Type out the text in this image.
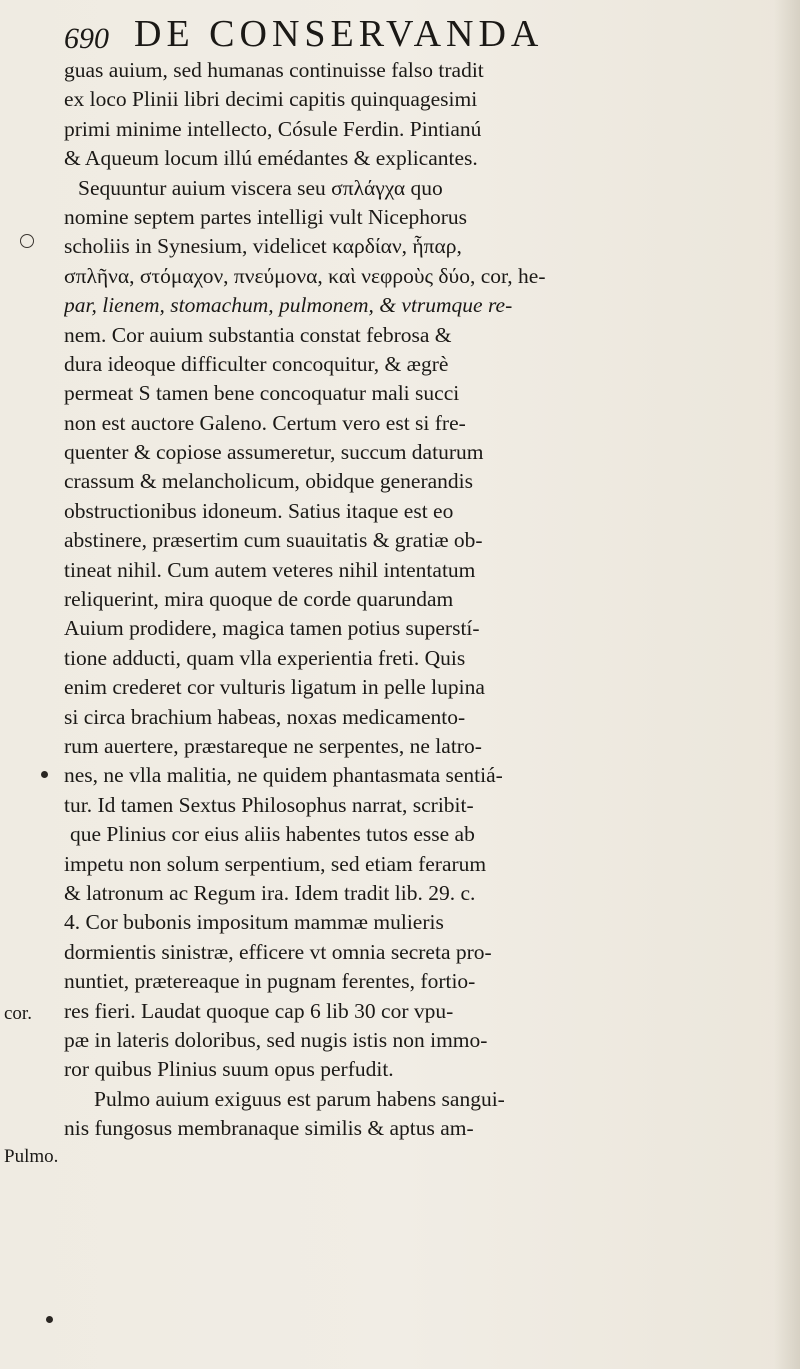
690 DE CONSERVANDA
guas auium, sed humanas continuisse falso tradit
ex loco Plinii libri decimi capitis quinquagesimi
primi minime intellecto, Cósule Ferdin. Pintianú
& Aqueum locum illú emédantes & explicantes.
Sequuntur auium viscera seu σπλάγχα quo
nomine septem partes intelligi vult Nicephorus
scholiis in Synesium, videlicet καρδίαν, ἧπαρ,
σπλῆνα, στόμαχον, πνεύμονα, καὶ νεφροὺς δύο, cor, he-
par, lienem, stomachum, pulmonem, & vtrumque re-
nem. Cor auium substantia constat febrosa &
dura ideoque difficulter concoquitur, & ægrè
permeat S tamen bene concoquatur mali succi
non est auctore Galeno. Certum vero est si fre-
quenter & copiose assumeretur, succum daturum
crassum & melancholicum, obidque generandis
obstructionibus idoneum. Satius itaque est eo
abstinere, præsertim cum suauitatis & gratiæ ob-
tineat nihil. Cum autem veteres nihil intentatum
reliquerint, mira quoque de corde quarundam
Auium prodidere, magica tamen potius superstí-
tione adducti, quam vlla experientia freti. Quis
enim crederet cor vulturis ligatum in pelle lupina
si circa brachium habeas, noxas medicamento-
rum auertere, præstareque ne serpentes, ne latro-
nes, ne vlla malitia, ne quidem phantasmata sentiá-
tur. Id tamen Sextus Philosophus narrat, scribit-
que Plinius cor eius aliis habentes tutos esse ab
impetu non solum serpentium, sed etiam ferarum
& latronum ac Regum ira. Idem tradit lib. 29. c.
4. Cor bubonis impositum mammæ mulieris
dormientis sinistræ, efficere vt omnia secreta pro-
nuntiet, prætereaque in pugnam ferentes, fortio-
res fieri. Laudat quoque cap 6 lib 30 cor vpu-
pæ in lateris doloribus, sed nugis istis non immo-
ror quibus Plinius suum opus perfudit.
Pulmo auium exiguus est parum habens sangui-
nis fungosus membranaque similis & aptus am-
cor.
Pulmo.
